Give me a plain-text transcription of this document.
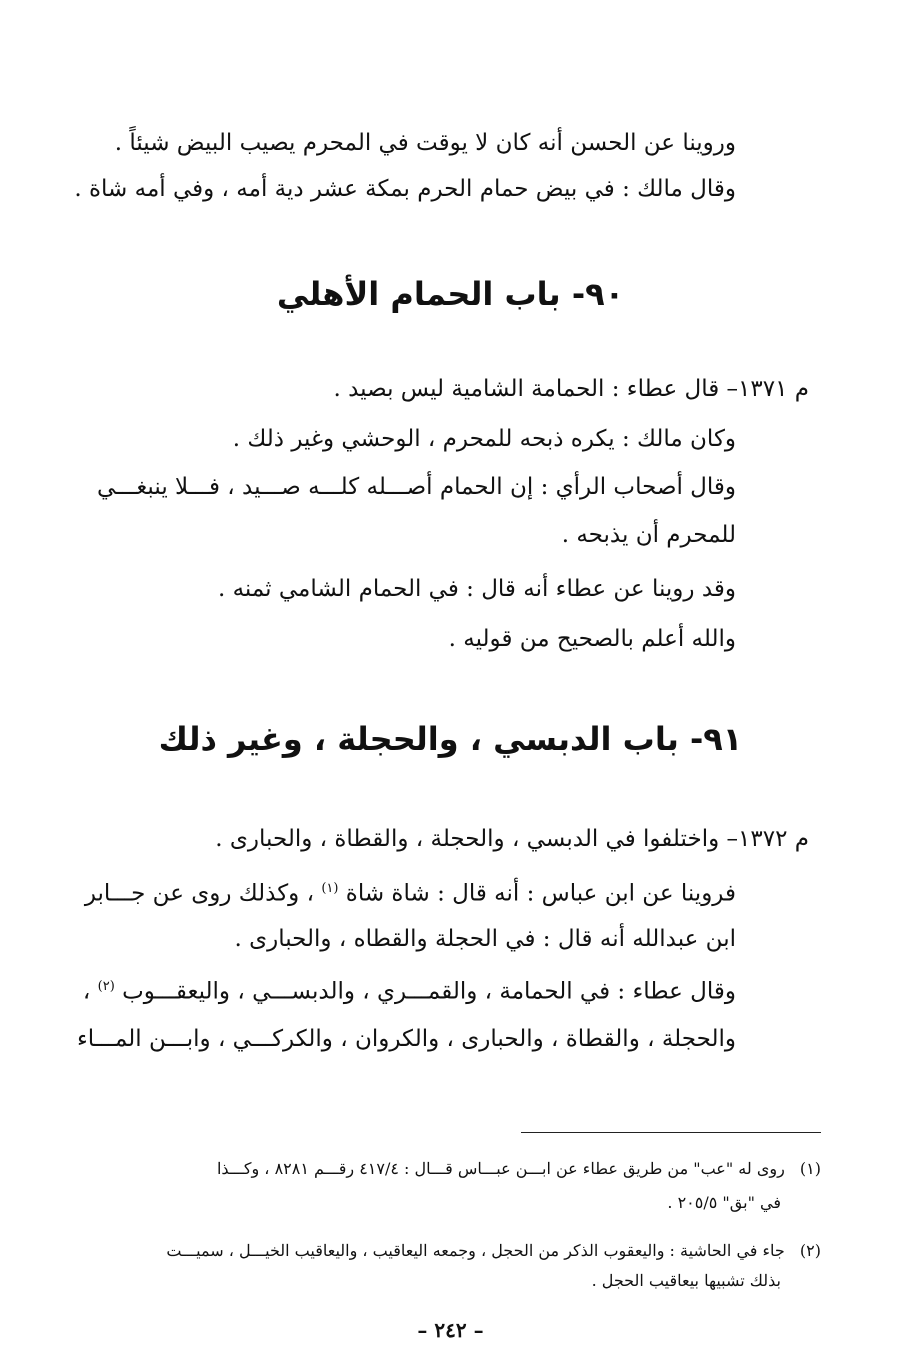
وروينا عن الحسن أنه كان لا يوقت في المحرم يصيب البيض شيئاً .
وقال مالك : في بيض حمام الحرم بمكة عشر دية أمه ، وفي أمه شاة .
٩٠- باب الحمام الأهلي
م ١٣٧١– قال عطاء : الحمامة الشامية ليس بصيد .
وكان مالك : يكره ذبحه للمحرم ، الوحشي وغير ذلك .
وقال أصحاب الرأي : إن الحمام أصـــله كلـــه صـــيد ، فـــلا ينبغـــي
للمحرم أن يذبحه .
وقد روينا عن عطاء أنه قال : في الحمام الشامي ثمنه .
والله أعلم بالصحيح من قوليه .
٩١- باب الدبسي ، والحجلة ، وغير ذلك
م ١٣٧٢– واختلفوا في الدبسي ، والحجلة ، والقطاة ، والحبارى .
فروينا عن ابن عباس : أنه قال : شاة شاة $^{(١)}$ ، وكذلك روى عن جـــابر
ابن عبدالله أنه قال : في الحجلة والقطاه ، والحبارى .
وقال عطاء : في الحمامة ، والقمـــري ، والدبســـي ، واليعقـــوب $^{(٢)}$ ،
والحجلة ، والقطاة ، والحبارى ، والكروان ، والكركـــي ، وابـــن المـــاء
(١) روى له "عب" من طريق عطاء عن ابـــن عبـــاس قـــال : ٤١٧/٤ رقـــم ٨٢٨١ ، وكـــذا
في "بق" ٢٠٥/٥ .
(٢) جاء في الحاشية : واليعقوب الذكر من الحجل ، وجمعه اليعاقيب ، واليعاقيب الخيـــل ، سميـــت
بذلك تشبيها بيعاقيب الحجل .
– ٢٤٢ –
